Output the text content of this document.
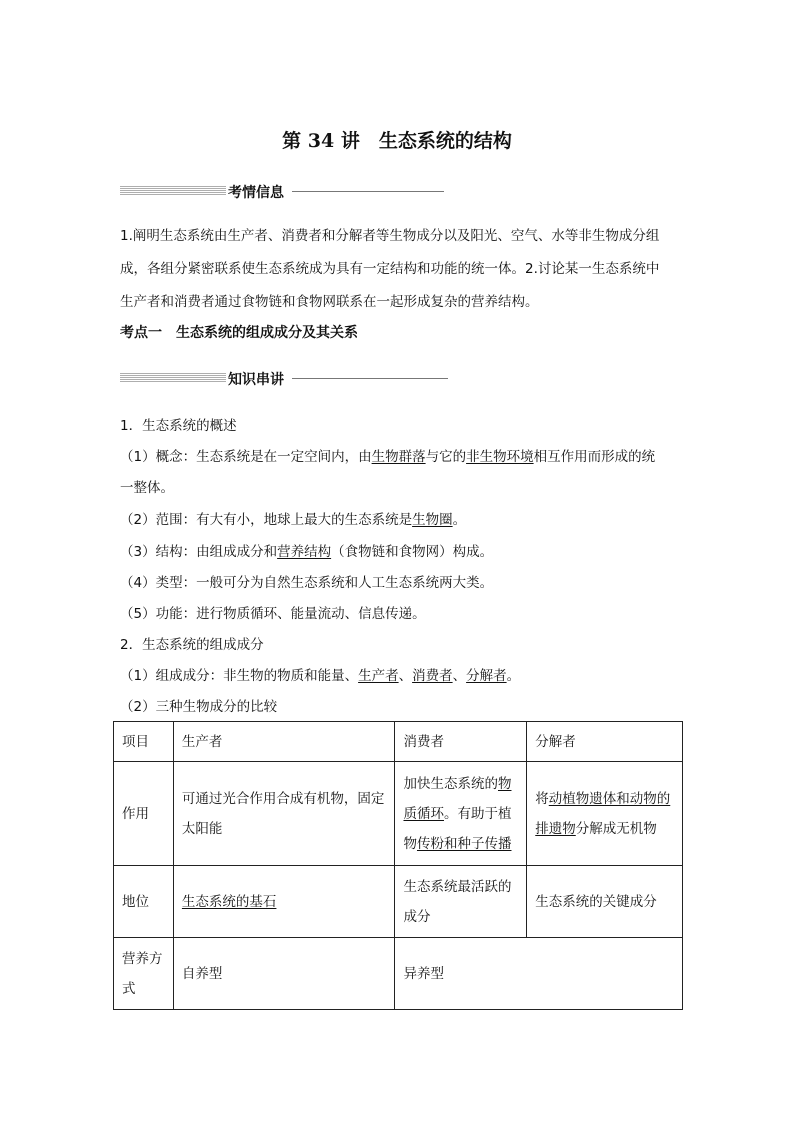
第 34 讲　生态系统的结构
考情信息
1.阐明生态系统由生产者、消费者和分解者等生物成分以及阳光、空气、水等非生物成分组
成，各组分紧密联系使生态系统成为具有一定结构和功能的统一体。2.讨论某一生态系统中
生产者和消费者通过食物链和食物网联系在一起形成复杂的营养结构。
考点一　生态系统的组成成分及其关系
知识串讲
1．生态系统的概述
（1）概念：生态系统是在一定空间内，由生物群落与它的非生物环境相互作用而形成的统
一整体。
（2）范围：有大有小，地球上最大的生态系统是生物圈。
（3）结构：由组成成分和营养结构（食物链和食物网）构成。
（4）类型：一般可分为自然生态系统和人工生态系统两大类。
（5）功能：进行物质循环、能量流动、信息传递。
2．生态系统的组成成分
（1）组成成分：非生物的物质和能量、生产者、消费者、分解者。
（2）三种生物成分的比较
项目	生产者	消费者	分解者
作用	可通过光合作用合成有机物，固定太阳能	加快生态系统的物质循环。有助于植物传粉和种子传播	将动植物遗体和动物的排遗物分解成无机物
地位	生态系统的基石	生态系统最活跃的成分	生态系统的关键成分
营养方式	自养型	异养型	
